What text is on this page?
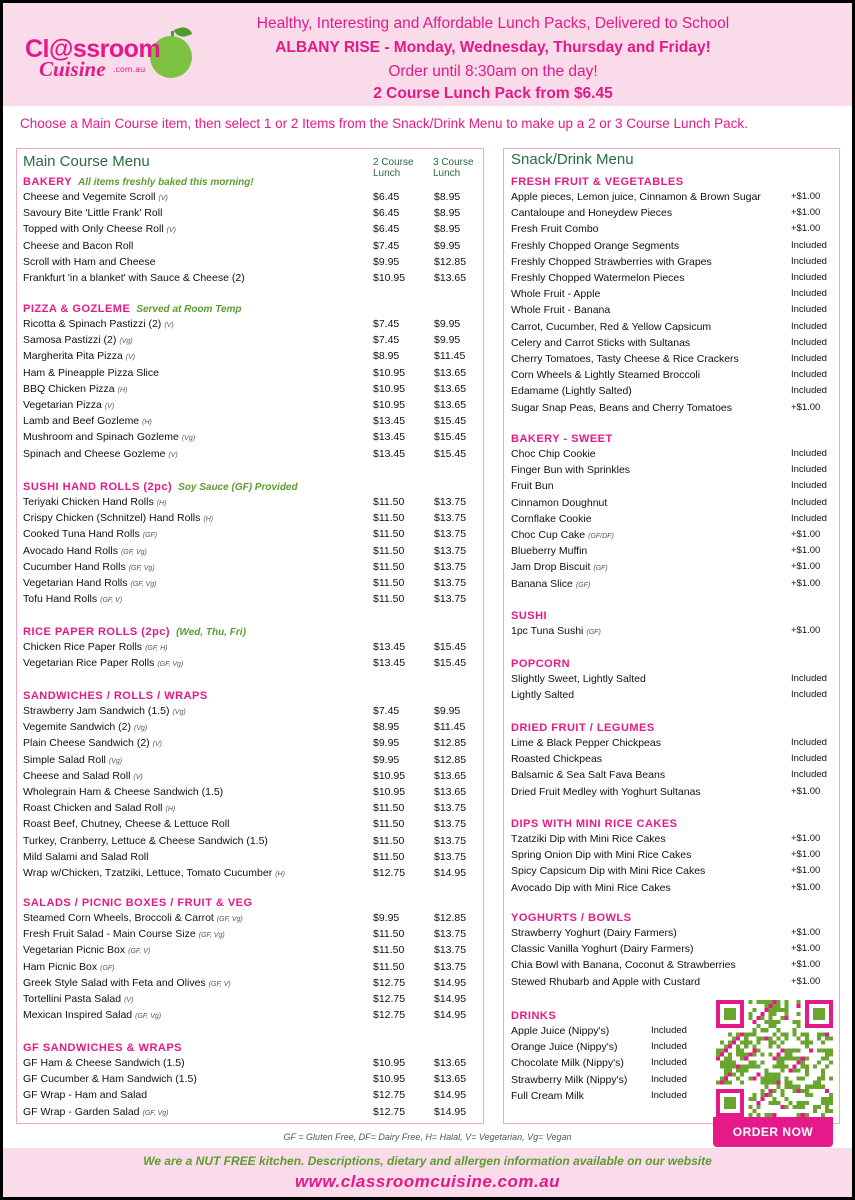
Cl@ssroom
Cuisine .com.au
Healthy, Interesting and Affordable Lunch Packs, Delivered to School
ALBANY RISE - Monday, Wednesday, Thursday and Friday!
Order until 8:30am on the day!
2 Course Lunch Pack from $6.45
Choose a Main Course item, then select 1 or 2 Items from the Snack/Drink Menu to make up a 2 or 3 Course Lunch Pack.
Main Course Menu	2 Course Lunch
3 Course Lunch
Snack/Drink Menu
BAKERY All items freshly baked this morning!
Cheese and Vegemite Scroll (V)	$6.45	$8.95
Savoury Bite 'Little Frank' Roll	$6.45	$8.95
Topped with Only Cheese Roll (V)	$6.45	$8.95
Cheese and Bacon Roll	$7.45	$9.95
Scroll with Ham and Cheese	$9.95	$12.85
Frankfurt 'in a blanket' with Sauce & Cheese (2)	$10.95	$13.65
PIZZA & GOZLEME Served at Room Temp
Ricotta & Spinach Pastizzi (2) (V)	$7.45	$9.95
Samosa Pastizzi (2) (Vg)	$7.45	$9.95
Margherita Pita Pizza (V)	$8.95	$11.45
Ham & Pineapple Pizza Slice	$10.95	$13.65
BBQ Chicken Pizza (H)	$10.95	$13.65
Vegetarian Pizza (V)	$10.95	$13.65
Lamb and Beef Gozleme (H)	$13.45	$15.45
Mushroom and Spinach Gozleme (Vg)	$13.45	$15.45
Spinach and Cheese Gozleme (V)	$13.45	$15.45
SUSHI HAND ROLLS (2pc) Soy Sauce (GF) Provided
Teriyaki Chicken Hand Rolls (H)	$11.50	$13.75
Crispy Chicken (Schnitzel) Hand Rolls (H)	$11.50	$13.75
Cooked Tuna Hand Rolls (GF)	$11.50	$13.75
Avocado Hand Rolls (GF, Vg)	$11.50	$13.75
Cucumber Hand Rolls (GF, Vg)	$11.50	$13.75
Vegetarian Hand Rolls (GF, Vg)	$11.50	$13.75
Tofu Hand Rolls (GF, V)	$11.50	$13.75
RICE PAPER ROLLS (2pc) (Wed, Thu, Fri)
Chicken Rice Paper Rolls (GF, H)	$13.45	$15.45
Vegetarian Rice Paper Rolls (GF, Vg)	$13.45	$15.45
SANDWICHES / ROLLS / WRAPS
Strawberry Jam Sandwich (1.5) (Vg)	$7.45	$9.95
Vegemite Sandwich (2) (Vg)	$8.95	$11.45
Plain Cheese Sandwich (2) (V)	$9.95	$12.85
Simple Salad Roll (Vg)	$9.95	$12.85
Cheese and Salad Roll (V)	$10.95	$13.65
Wholegrain Ham & Cheese Sandwich (1.5)	$10.95	$13.65
Roast Chicken and Salad Roll (H)	$11.50	$13.75
Roast Beef, Chutney, Cheese & Lettuce Roll	$11.50	$13.75
Turkey, Cranberry, Lettuce & Cheese Sandwich (1.5)	$11.50	$13.75
Mild Salami and Salad Roll	$11.50	$13.75
Wrap w/Chicken, Tzatziki, Lettuce, Tomato Cucumber (H)	$12.75	$14.95
SALADS / PICNIC BOXES / FRUIT & VEG
Steamed Corn Wheels, Broccoli & Carrot (GF, Vg)	$9.95	$12.85
Fresh Fruit Salad - Main Course Size (GF, Vg)	$11.50	$13.75
Vegetarian Picnic Box (GF, V)	$11.50	$13.75
Ham Picnic Box (GF)	$11.50	$13.75
Greek Style Salad with Feta and Olives (GF, V)	$12.75	$14.95
Tortellini Pasta Salad (V)	$12.75	$14.95
Mexican Inspired Salad (GF, Vg)	$12.75	$14.95
GF SANDWICHES & WRAPS
GF Ham & Cheese Sandwich (1.5)	$10.95	$13.65
GF Cucumber & Ham Sandwich (1.5)	$10.95	$13.65
GF Wrap - Ham and Salad	$12.75	$14.95
GF Wrap - Garden Salad (GF, Vg)	$12.75	$14.95
FRESH FRUIT & VEGETABLES
Apple pieces, Lemon juice, Cinnamon & Brown Sugar	+$1.00
Cantaloupe and Honeydew Pieces	+$1.00
Fresh Fruit Combo	+$1.00
Freshly Chopped Orange Segments	Included
Freshly Chopped Strawberries with Grapes	Included
Freshly Chopped Watermelon Pieces	Included
Whole Fruit - Apple	Included
Whole Fruit - Banana	Included
Carrot, Cucumber, Red & Yellow Capsicum	Included
Celery and Carrot Sticks with Sultanas	Included
Cherry Tomatoes, Tasty Cheese & Rice Crackers	Included
Corn Wheels & Lightly Steamed Broccoli	Included
Edamame (Lightly Salted)	Included
Sugar Snap Peas, Beans and Cherry Tomatoes	+$1.00
BAKERY - SWEET
Choc Chip Cookie	Included
Finger Bun with Sprinkles	Included
Fruit Bun	Included
Cinnamon Doughnut	Included
Cornflake Cookie	Included
Choc Cup Cake (GF/DF)	+$1.00
Blueberry Muffin	+$1.00
Jam Drop Biscuit (GF)	+$1.00
Banana Slice (GF)	+$1.00
SUSHI
1pc Tuna Sushi (GF)	+$1.00
POPCORN
Slightly Sweet, Lightly Salted	Included
Lightly Salted	Included
DRIED FRUIT / LEGUMES
Lime & Black Pepper Chickpeas	Included
Roasted Chickpeas	Included
Balsamic & Sea Salt Fava Beans	Included
Dried Fruit Medley with Yoghurt Sultanas	+$1.00
DIPS WITH MINI RICE CAKES
Tzatziki Dip with Mini Rice Cakes	+$1.00
Spring Onion Dip with Mini Rice Cakes	+$1.00
Spicy Capsicum Dip with Mini Rice Cakes	+$1.00
Avocado Dip with Mini Rice Cakes	+$1.00
YOGHURTS / BOWLS
Strawberry Yoghurt (Dairy Farmers)	+$1.00
Classic Vanilla Yoghurt (Dairy Farmers)	+$1.00
Chia Bowl with Banana, Coconut & Strawberries	+$1.00
Stewed Rhubarb and Apple with Custard	+$1.00
DRINKS
Apple Juice (Nippy's)	Included
Orange Juice (Nippy's)	Included
Chocolate Milk (Nippy's)	Included
Strawberry Milk (Nippy's) Included
Full Cream Milk	Included
ORDER NOW
GF = Gluten Free, DF= Dairy Free, H= Halal, V= Vegetarian, Vg= Vegan
We are a NUT FREE kitchen. Descriptions, dietary and allergen information available on our website
www.classroomcuisine.com.au
